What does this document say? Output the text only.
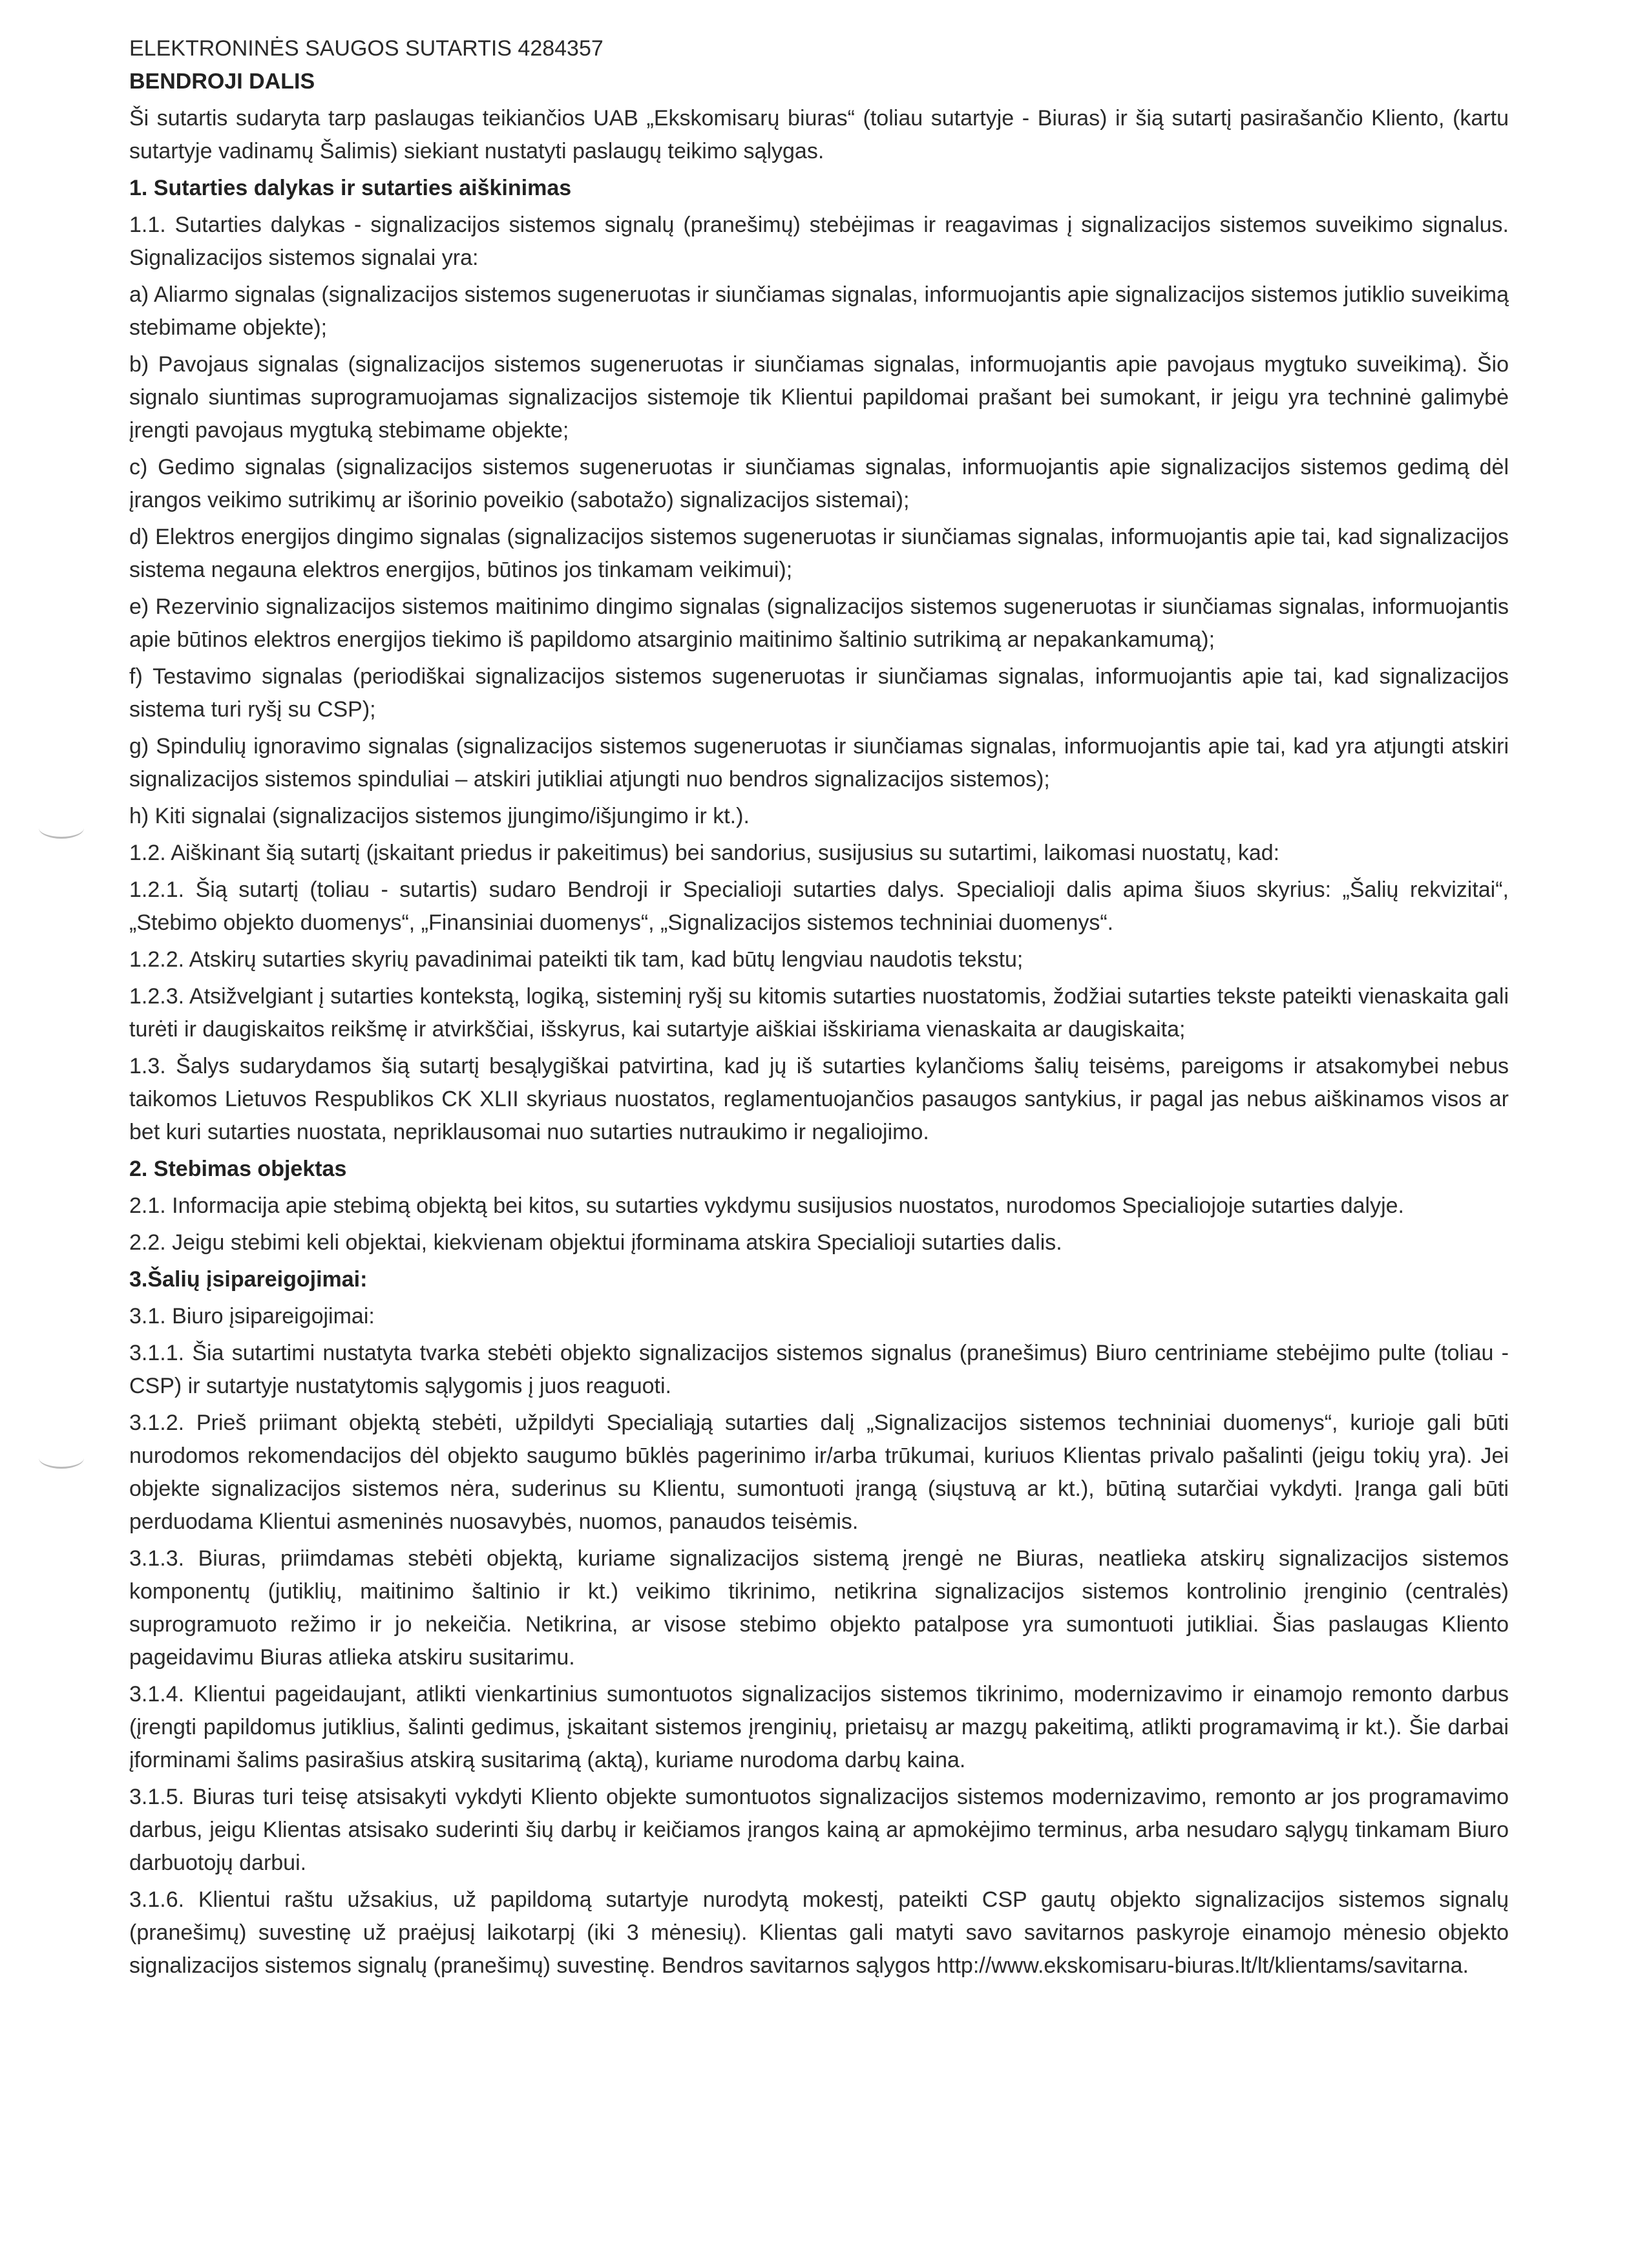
ELEKTRONINĖS SAUGOS SUTARTIS 4284357
BENDROJI DALIS
Ši sutartis sudaryta tarp paslaugas teikiančios UAB „Ekskomisarų biuras“ (toliau sutartyje - Biuras) ir šią sutartį pasirašančio Kliento, (kartu sutartyje vadinamų Šalimis) siekiant nustatyti paslaugų teikimo sąlygas.
1. Sutarties dalykas ir sutarties aiškinimas
1.1. Sutarties dalykas - signalizacijos sistemos signalų (pranešimų) stebėjimas ir reagavimas į signalizacijos sistemos suveikimo signalus. Signalizacijos sistemos signalai yra:
a) Aliarmo signalas (signalizacijos sistemos sugeneruotas ir siunčiamas signalas, informuojantis apie signalizacijos sistemos jutiklio suveikimą stebimame objekte);
b) Pavojaus signalas (signalizacijos sistemos sugeneruotas ir siunčiamas signalas, informuojantis apie pavojaus mygtuko suveikimą). Šio signalo siuntimas suprogramuojamas signalizacijos sistemoje tik Klientui papildomai prašant bei sumokant, ir jeigu yra techninė galimybė įrengti pavojaus mygtuką stebimame objekte;
c) Gedimo signalas (signalizacijos sistemos sugeneruotas ir siunčiamas signalas, informuojantis apie signalizacijos sistemos gedimą dėl įrangos veikimo sutrikimų ar išorinio poveikio (sabotažo) signalizacijos sistemai);
d) Elektros energijos dingimo signalas (signalizacijos sistemos sugeneruotas ir siunčiamas signalas, informuojantis apie tai, kad signalizacijos sistema negauna elektros energijos, būtinos jos tinkamam veikimui);
e) Rezervinio signalizacijos sistemos maitinimo dingimo signalas (signalizacijos sistemos sugeneruotas ir siunčiamas signalas, informuojantis apie būtinos elektros energijos tiekimo iš papildomo atsarginio maitinimo šaltinio sutrikimą ar nepakankamumą);
f) Testavimo signalas (periodiškai signalizacijos sistemos sugeneruotas ir siunčiamas signalas, informuojantis apie tai, kad signalizacijos sistema turi ryšį su CSP);
g) Spindulių ignoravimo signalas (signalizacijos sistemos sugeneruotas ir siunčiamas signalas, informuojantis apie tai, kad yra atjungti atskiri signalizacijos sistemos spinduliai – atskiri jutikliai atjungti nuo bendros signalizacijos sistemos);
h) Kiti signalai (signalizacijos sistemos įjungimo/išjungimo ir kt.).
1.2. Aiškinant šią sutartį (įskaitant priedus ir pakeitimus) bei sandorius, susijusius su sutartimi, laikomasi nuostatų, kad:
1.2.1. Šią sutartį (toliau - sutartis) sudaro Bendroji ir Specialioji sutarties dalys. Specialioji dalis apima šiuos skyrius: „Šalių rekvizitai“, „Stebimo objekto duomenys“, „Finansiniai duomenys“, „Signalizacijos sistemos techniniai duomenys“.
1.2.2. Atskirų sutarties skyrių pavadinimai pateikti tik tam, kad būtų lengviau naudotis tekstu;
1.2.3. Atsižvelgiant į sutarties kontekstą, logiką, sisteminį ryšį su kitomis sutarties nuostatomis, žodžiai sutarties tekste pateikti vienaskaita gali turėti ir daugiskaitos reikšmę ir atvirkščiai, išskyrus, kai sutartyje aiškiai išskiriama vienaskaita ar daugiskaita;
1.3. Šalys sudarydamos šią sutartį besąlygiškai patvirtina, kad jų iš sutarties kylančioms šalių teisėms, pareigoms ir atsakomybei nebus taikomos Lietuvos Respublikos CK XLII skyriaus nuostatos, reglamentuojančios pasaugos santykius, ir pagal jas nebus aiškinamos visos ar bet kuri sutarties nuostata, nepriklausomai nuo sutarties nutraukimo ir negaliojimo.
2. Stebimas objektas
2.1. Informacija apie stebimą objektą bei kitos, su sutarties vykdymu susijusios nuostatos, nurodomos Specialiojoje sutarties dalyje.
2.2. Jeigu stebimi keli objektai, kiekvienam objektui įforminama atskira Specialioji sutarties dalis.
3.Šalių įsipareigojimai:
3.1. Biuro įsipareigojimai:
3.1.1. Šia sutartimi nustatyta tvarka stebėti objekto signalizacijos sistemos signalus (pranešimus) Biuro centriniame stebėjimo pulte (toliau - CSP) ir sutartyje nustatytomis sąlygomis į juos reaguoti.
3.1.2. Prieš priimant objektą stebėti, užpildyti Specialiąją sutarties dalį „Signalizacijos sistemos techniniai duomenys“, kurioje gali būti nurodomos rekomendacijos dėl objekto saugumo būklės pagerinimo ir/arba trūkumai, kuriuos Klientas privalo pašalinti (jeigu tokių yra). Jei objekte signalizacijos sistemos nėra, suderinus su Klientu, sumontuoti įrangą (siųstuvą ar kt.), būtiną sutarčiai vykdyti. Įranga gali būti perduodama Klientui asmeninės nuosavybės, nuomos, panaudos teisėmis.
3.1.3. Biuras, priimdamas stebėti objektą, kuriame signalizacijos sistemą įrengė ne Biuras, neatlieka atskirų signalizacijos sistemos komponentų (jutiklių, maitinimo šaltinio ir kt.) veikimo tikrinimo, netikrina signalizacijos sistemos kontrolinio įrenginio (centralės) suprogramuoto režimo ir jo nekeičia. Netikrina, ar visose stebimo objekto patalpose yra sumontuoti jutikliai. Šias paslaugas Kliento pageidavimu Biuras atlieka atskiru susitarimu.
3.1.4. Klientui pageidaujant, atlikti vienkartinius sumontuotos signalizacijos sistemos tikrinimo, modernizavimo ir einamojo remonto darbus (įrengti papildomus jutiklius, šalinti gedimus, įskaitant sistemos įrenginių, prietaisų ar mazgų pakeitimą, atlikti programavimą ir kt.). Šie darbai įforminami šalims pasirašius atskirą susitarimą (aktą), kuriame nurodoma darbų kaina.
3.1.5. Biuras turi teisę atsisakyti vykdyti Kliento objekte sumontuotos signalizacijos sistemos modernizavimo, remonto ar jos programavimo darbus, jeigu Klientas atsisako suderinti šių darbų ir keičiamos įrangos kainą ar apmokėjimo terminus, arba nesudaro sąlygų tinkamam Biuro darbuotojų darbui.
3.1.6. Klientui raštu užsakius, už papildomą sutartyje nurodytą mokestį, pateikti CSP gautų objekto signalizacijos sistemos signalų (pranešimų) suvestinę už praėjusį laikotarpį (iki 3 mėnesių). Klientas gali matyti savo savitarnos paskyroje einamojo mėnesio objekto signalizacijos sistemos signalų (pranešimų) suvestinę. Bendros savitarnos sąlygos http://www.ekskomisaru-biuras.lt/lt/klientams/savitarna.
